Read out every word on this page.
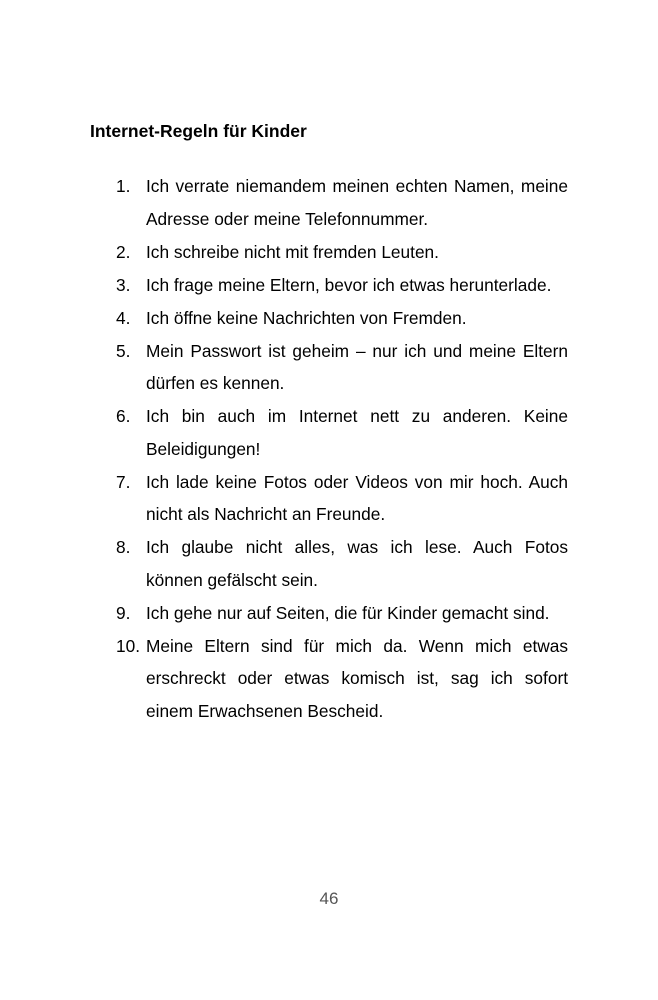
Internet-Regeln für Kinder
1. Ich verrate niemandem meinen echten Namen, meine Adresse oder meine Telefonnummer.
2. Ich schreibe nicht mit fremden Leuten.
3. Ich frage meine Eltern, bevor ich etwas herunterlade.
4. Ich öffne keine Nachrichten von Fremden.
5. Mein Passwort ist geheim – nur ich und meine Eltern dürfen es kennen.
6. Ich bin auch im Internet nett zu anderen. Keine Beleidigungen!
7. Ich lade keine Fotos oder Videos von mir hoch. Auch nicht als Nachricht an Freunde.
8. Ich glaube nicht alles, was ich lese. Auch Fotos können gefälscht sein.
9. Ich gehe nur auf Seiten, die für Kinder gemacht sind.
10. Meine Eltern sind für mich da. Wenn mich etwas erschreckt oder etwas komisch ist, sag ich sofort einem Erwachsenen Bescheid.
46
